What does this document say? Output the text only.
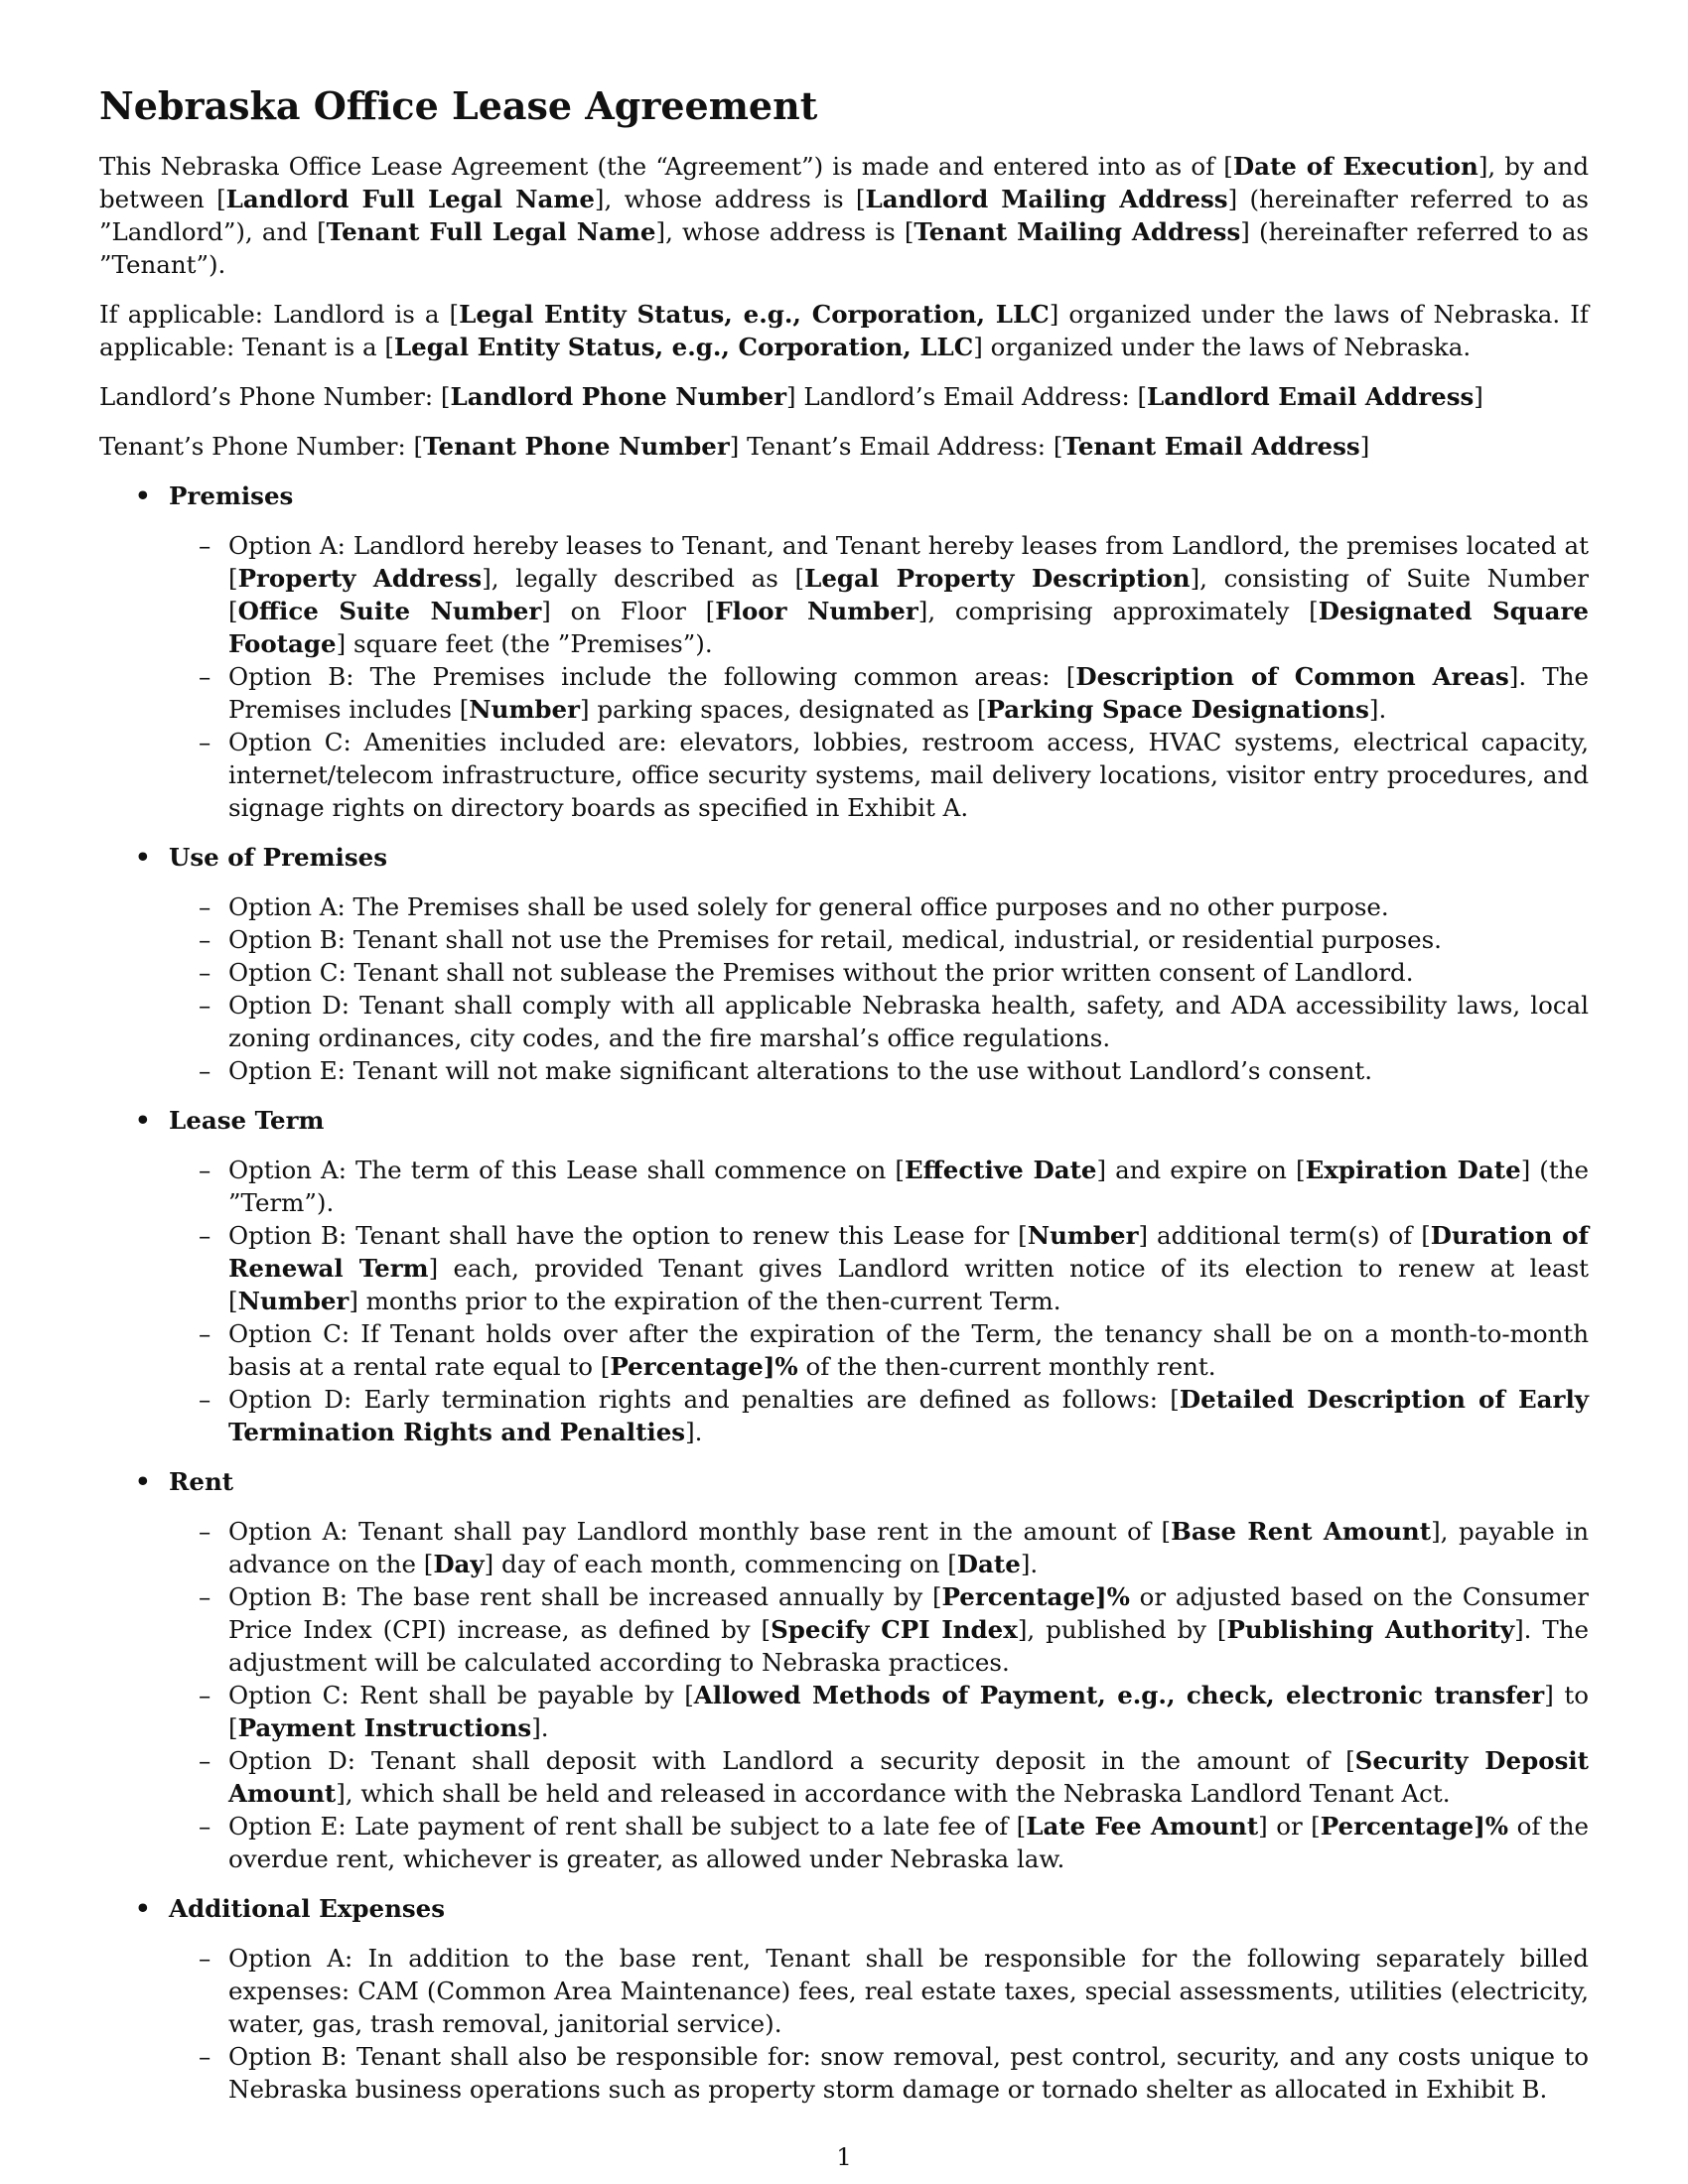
Nebraska Office Lease Agreement

This Nebraska Office Lease Agreement (the “Agreement”) is made and entered into as of [Date of Execution], by and between [Landlord Full Legal Name], whose address is [Landlord Mailing Address] (hereinafter referred to as ”Landlord”), and [Tenant Full Legal Name], whose address is [Tenant Mailing Address] (hereinafter referred to as ”Tenant”).

If applicable: Landlord is a [Legal Entity Status, e.g., Corporation, LLC] organized under the laws of Nebraska. If applicable: Tenant is a [Legal Entity Status, e.g., Corporation, LLC] organized under the laws of Nebraska.

Landlord’s Phone Number: [Landlord Phone Number] Landlord’s Email Address: [Landlord Email Address]

Tenant’s Phone Number: [Tenant Phone Number] Tenant’s Email Address: [Tenant Email Address]

• Premises
– Option A: Landlord hereby leases to Tenant, and Tenant hereby leases from Landlord, the premises located at [Property Address], legally described as [Legal Property Description], consisting of Suite Number [Office Suite Number] on Floor [Floor Number], comprising approximately [Designated Square Footage] square feet (the ”Premises”).
– Option B: The Premises include the following common areas: [Description of Common Areas]. The Premises includes [Number] parking spaces, designated as [Parking Space Designations].
– Option C: Amenities included are: elevators, lobbies, restroom access, HVAC systems, electrical capacity, internet/telecom infrastructure, office security systems, mail delivery locations, visitor entry procedures, and signage rights on directory boards as specified in Exhibit A.
• Use of Premises
– Option A: The Premises shall be used solely for general office purposes and no other purpose.
– Option B: Tenant shall not use the Premises for retail, medical, industrial, or residential purposes.
– Option C: Tenant shall not sublease the Premises without the prior written consent of Landlord.
– Option D: Tenant shall comply with all applicable Nebraska health, safety, and ADA accessibility laws, local zoning ordinances, city codes, and the fire marshal’s office regulations.
– Option E: Tenant will not make significant alterations to the use without Landlord’s consent.
• Lease Term
– Option A: The term of this Lease shall commence on [Effective Date] and expire on [Expiration Date] (the ”Term”).
– Option B: Tenant shall have the option to renew this Lease for [Number] additional term(s) of [Duration of Renewal Term] each, provided Tenant gives Landlord written notice of its election to renew at least [Number] months prior to the expiration of the then-current Term.
– Option C: If Tenant holds over after the expiration of the Term, the tenancy shall be on a month-to-month basis at a rental rate equal to [Percentage]% of the then-current monthly rent.
– Option D: Early termination rights and penalties are defined as follows: [Detailed Description of Early Termination Rights and Penalties].
• Rent
– Option A: Tenant shall pay Landlord monthly base rent in the amount of [Base Rent Amount], payable in advance on the [Day] day of each month, commencing on [Date].
– Option B: The base rent shall be increased annually by [Percentage]% or adjusted based on the Consumer Price Index (CPI) increase, as defined by [Specify CPI Index], published by [Publishing Authority]. The adjustment will be calculated according to Nebraska practices.
– Option C: Rent shall be payable by [Allowed Methods of Payment, e.g., check, electronic transfer] to [Payment Instructions].
– Option D: Tenant shall deposit with Landlord a security deposit in the amount of [Security Deposit Amount], which shall be held and released in accordance with the Nebraska Landlord Tenant Act.
– Option E: Late payment of rent shall be subject to a late fee of [Late Fee Amount] or [Percentage]% of the overdue rent, whichever is greater, as allowed under Nebraska law.
• Additional Expenses
– Option A: In addition to the base rent, Tenant shall be responsible for the following separately billed expenses: CAM (Common Area Maintenance) fees, real estate taxes, special assessments, utilities (electricity, water, gas, trash removal, janitorial service).
– Option B: Tenant shall also be responsible for: snow removal, pest control, security, and any costs unique to Nebraska business operations such as property storm damage or tornado shelter as allocated in Exhibit B.
1
